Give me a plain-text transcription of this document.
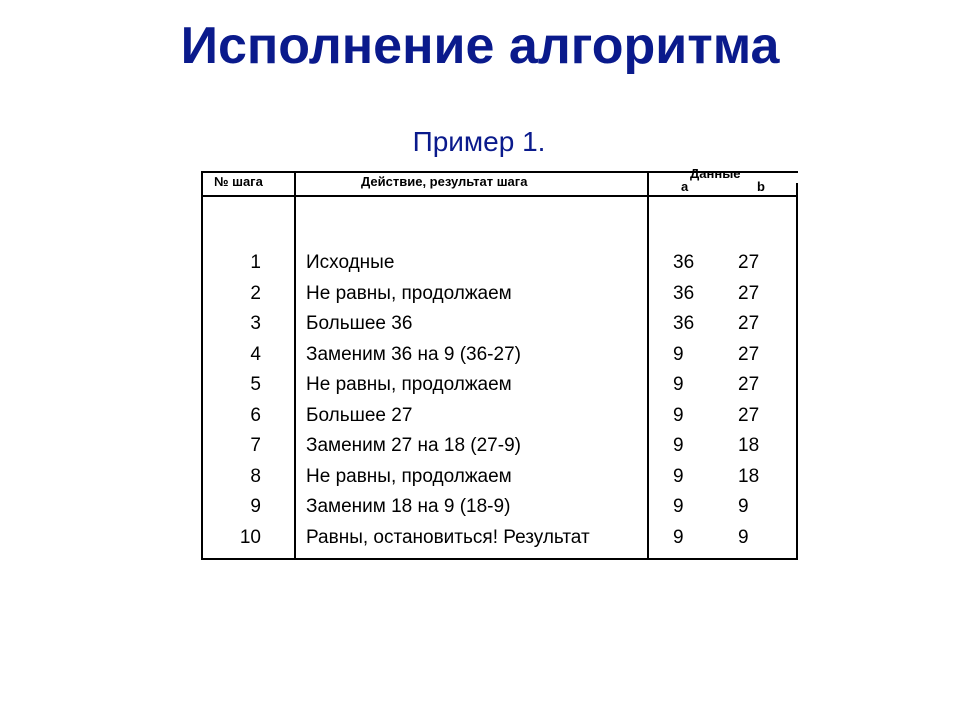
Исполнение алгоритма
Пример 1.
№ шага	Действие, результат шага
Данные
a	b
1 Исходные	36 27
2 Не равны, продолжаем	36 27
3 Большее 36	36 27
4 Заменим 36 на 9 (36-27)	9	27
5 Не равны, продолжаем	9	27
6 Большее 27	9	27
7 Заменим 27 на 18 (27-9)	9	18
8 Не равны, продолжаем	9	18
9 Заменим 18 на 9 (18-9)	9	9
10 Равны, остановиться! Результат	9	9
